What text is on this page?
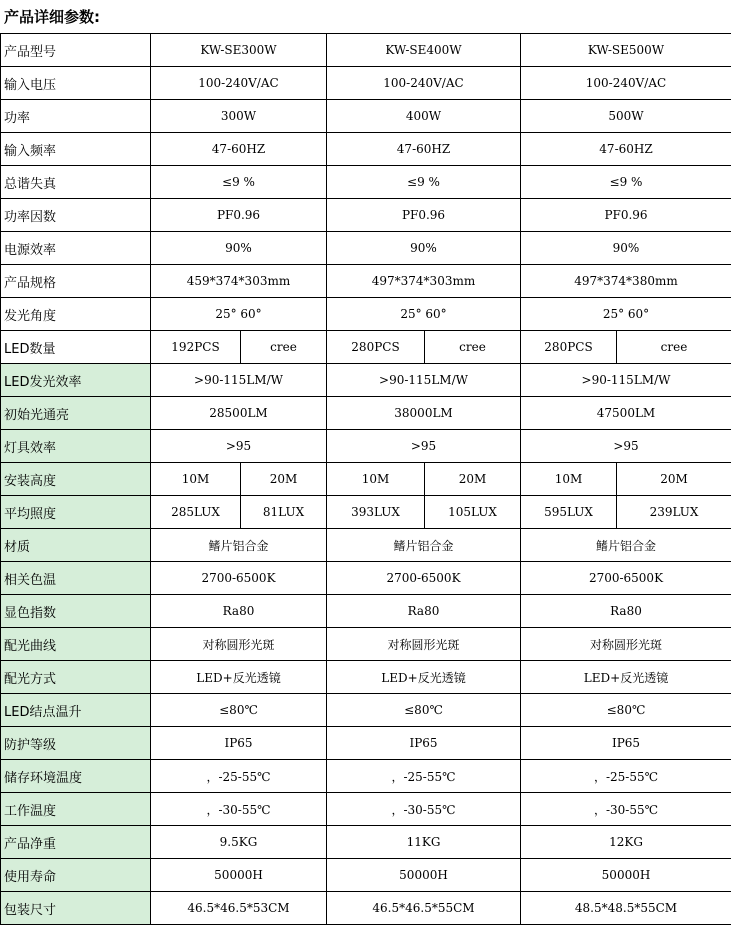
产品详细参数:
产品型号	KW-SE300W		KW-SE400W		KW-SE500W	
输入电压	100-240V/AC		100-240V/AC		100-240V/AC	
功率	300W		400W		500W	
输入频率	47-60HZ		47-60HZ		47-60HZ	
总谐失真	≤9 %		≤9 %		≤9 %	
功率因数	PF0.96		PF0.96		PF0.96	
电源效率	90%		90%		90%	
产品规格	459*374*303mm		497*374*303mm		497*374*380mm	
发光角度	25° 60°		25° 60°		25° 60°	
LED数量	192PCS	cree	280PCS	cree	280PCS	cree
LED发光效率	>90-115LM/W		>90-115LM/W		>90-115LM/W	
初始光通亮	28500LM		38000LM		47500LM	
灯具效率	>95		>95		>95	
安装高度	10M	20M	10M	20M	10M	20M
平均照度	285LUX	81LUX	393LUX	105LUX	595LUX	239LUX
材质	鳍片铝合金		鳍片铝合金		鳍片铝合金	
相关色温	2700-6500K		2700-6500K		2700-6500K	
显色指数	Ra80		Ra80		Ra80	
配光曲线	对称圆形光斑		对称圆形光斑		对称圆形光斑	
配光方式	LED+反光透镜		LED+反光透镜		LED+反光透镜	
LED结点温升	≤80℃		≤80℃		≤80℃	
防护等级	IP65		IP65		IP65	
储存环境温度	，-25-55℃		，-25-55℃		，-25-55℃	
工作温度	，-30-55℃		，-30-55℃		，-30-55℃	
产品净重	9.5KG		11KG		12KG	
使用寿命	50000H		50000H		50000H	
包装尺寸	46.5*46.5*53CM		46.5*46.5*55CM		48.5*48.5*55CM	
